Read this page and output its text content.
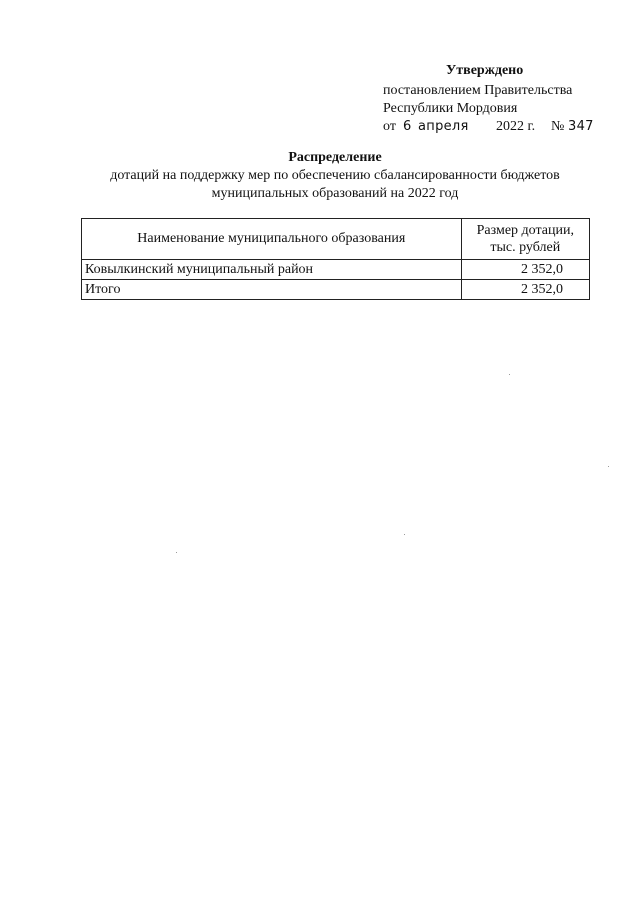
Утверждено
постановлением Правительства
Республики Мордовия
от 6 апреля 2022 г. № 347
Распределение
дотаций на поддержку мер по обеспечению сбалансированности бюджетов
муниципальных образований на 2022 год
Наименование муниципального образования	Размер дотации,
тыс. рублей

Ковылкинский муниципальный район	2 352,0
Итого	2 352,0
